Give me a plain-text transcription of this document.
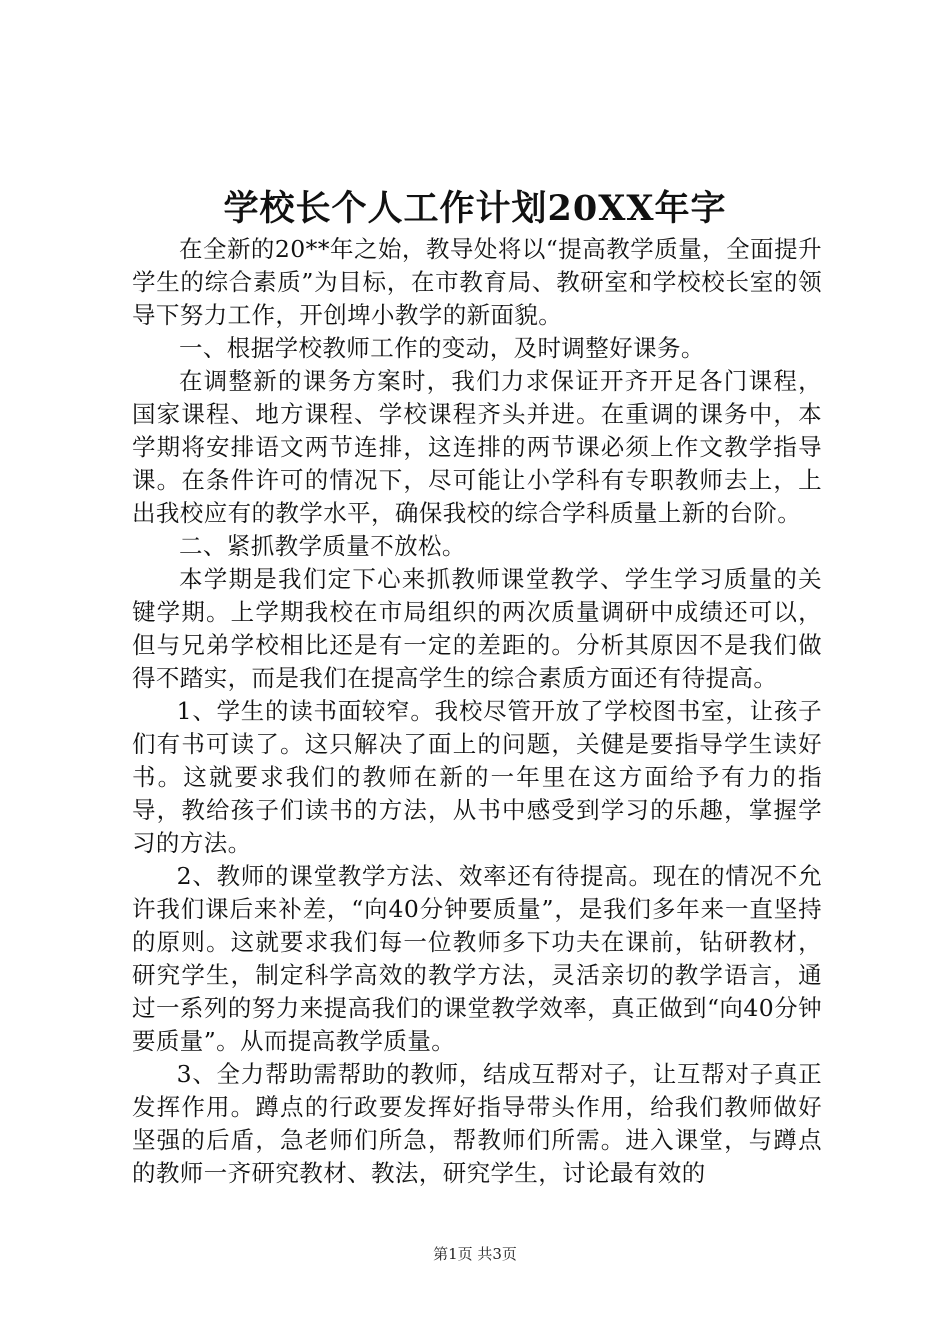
学校长个人工作计划20XX年字

在全新的20**年之始，教导处将以“提高教学质量，全面提升学生的综合素质”为目标，在市教育局、教研室和学校校长室的领导下努力工作，开创埤小教学的新面貌。

一、根据学校教师工作的变动，及时调整好课务。

在调整新的课务方案时，我们力求保证开齐开足各门课程，国家课程、地方课程、学校课程齐头并进。在重调的课务中，本学期将安排语文两节连排，这连排的两节课必须上作文教学指导课。在条件许可的情况下，尽可能让小学科有专职教师去上，上出我校应有的教学水平，确保我校的综合学科质量上新的台阶。

二、紧抓教学质量不放松。

本学期是我们定下心来抓教师课堂教学、学生学习质量的关键学期。上学期我校在市局组织的两次质量调研中成绩还可以，但与兄弟学校相比还是有一定的差距的。分析其原因不是我们做得不踏实，而是我们在提高学生的综合素质方面还有待提高。

1、学生的读书面较窄。我校尽管开放了学校图书室，让孩子们有书可读了。这只解决了面上的问题，关健是要指导学生读好书。这就要求我们的教师在新的一年里在这方面给予有力的指导，教给孩子们读书的方法，从书中感受到学习的乐趣，掌握学习的方法。

2、教师的课堂教学方法、效率还有待提高。现在的情况不允许我们课后来补差，“向40分钟要质量”，是我们多年来一直坚持的原则。这就要求我们每一位教师多下功夫在课前，钻研教材，研究学生，制定科学高效的教学方法，灵活亲切的教学语言，通过一系列的努力来提高我们的课堂教学效率，真正做到“向40分钟要质量”。从而提高教学质量。

3、全力帮助需帮助的教师，结成互帮对子，让互帮对子真正发挥作用。蹲点的行政要发挥好指导带头作用，给我们教师做好坚强的后盾，急老师们所急，帮教师们所需。进入课堂，与蹲点的教师一齐研究教材、教法，研究学生，讨论最有效的

第1页 共3页
